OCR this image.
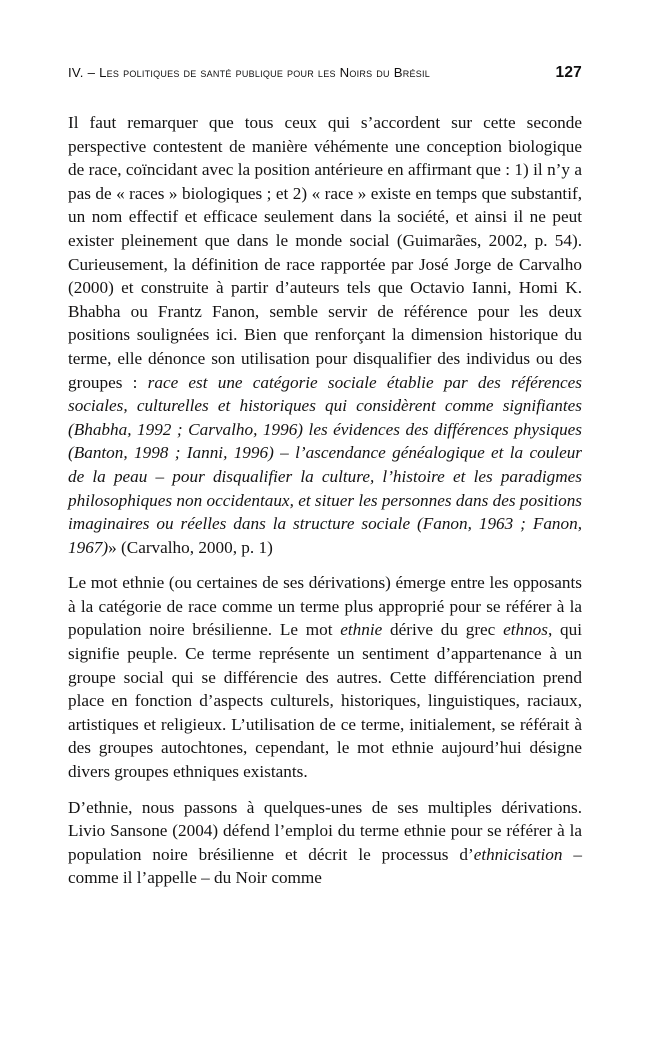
IV. – Les politiques de santé publique pour les Noirs du Brésil	127

Il faut remarquer que tous ceux qui s’accordent sur cette seconde perspective contestent de manière véhémente une conception biologique de race, coïncidant avec la position antérieure en affirmant que : 1) il n’y a pas de « races » biologiques ; et 2) « race » existe en temps que substantif, un nom effectif et efficace seulement dans la société, et ainsi il ne peut exister pleinement que dans le monde social (Guimarães, 2002, p. 54). Curieusement, la définition de race rapportée par José Jorge de Carvalho (2000) et construite à partir d’auteurs tels que Octavio Ianni, Homi K. Bhabha ou Frantz Fanon, semble servir de référence pour les deux positions soulignées ici. Bien que renforçant la dimension historique du terme, elle dénonce son utilisation pour disqualifier des individus ou des groupes : race est une catégorie sociale établie par des références sociales, culturelles et historiques qui considèrent comme signifiantes (Bhabha, 1992 ; Carvalho, 1996) les évidences des différences physiques (Banton, 1998 ; Ianni, 1996) – l’ascendance généalogique et la couleur de la peau – pour disqualifier la culture, l’histoire et les paradigmes philosophiques non occidentaux, et situer les personnes dans des positions imaginaires ou réelles dans la structure sociale (Fanon, 1963 ; Fanon, 1967)» (Carvalho, 2000, p. 1)

Le mot ethnie (ou certaines de ses dérivations) émerge entre les opposants à la catégorie de race comme un terme plus approprié pour se référer à la population noire brésilienne. Le mot ethnie dérive du grec ethnos, qui signifie peuple. Ce terme représente un sentiment d’appartenance à un groupe social qui se différencie des autres. Cette différenciation prend place en fonction d’aspects culturels, historiques, linguistiques, raciaux, artistiques et religieux. L’utilisation de ce terme, initialement, se référait à des groupes autochtones, cependant, le mot ethnie aujourd’hui désigne divers groupes ethniques existants.

D’ethnie, nous passons à quelques-unes de ses multiples dérivations. Livio Sansone (2004) défend l’emploi du terme ethnie pour se référer à la population noire brésilienne et décrit le processus d’ethnicisation – comme il l’appelle – du Noir comme
